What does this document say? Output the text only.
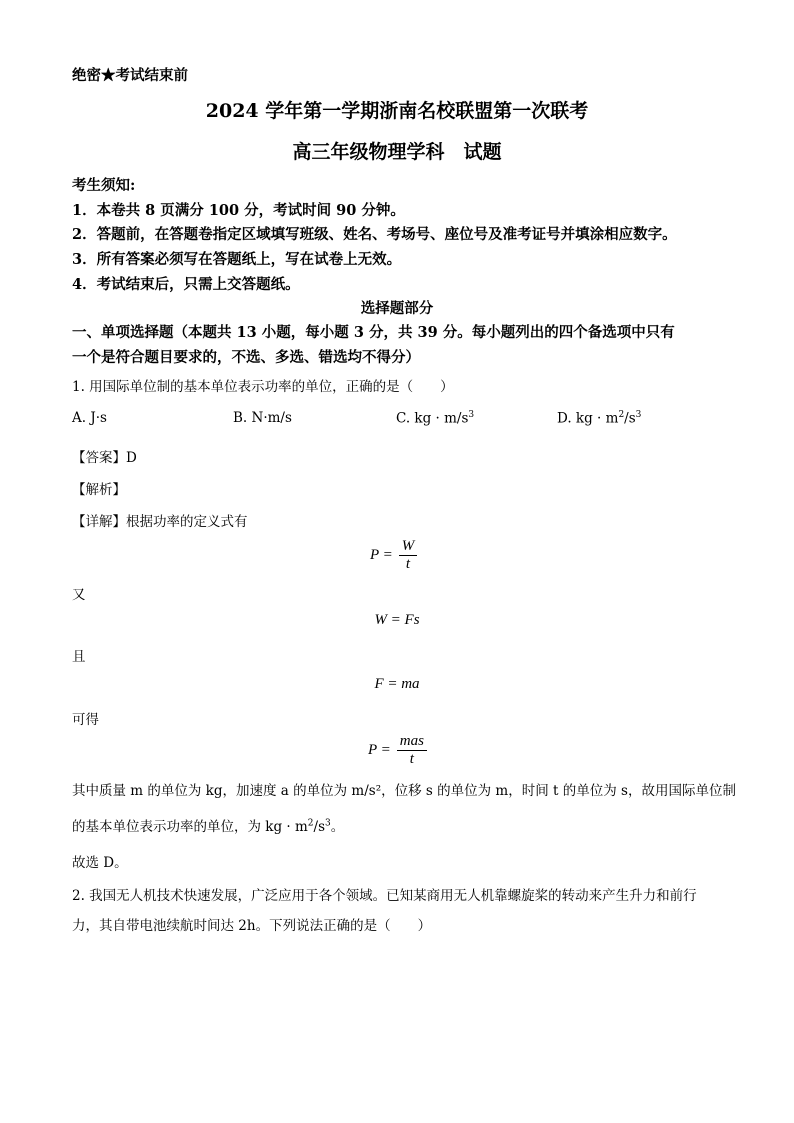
绝密★考试结束前
2024 学年第一学期浙南名校联盟第一次联考
高三年级物理学科　试题
考生须知:
1．本卷共 8 页满分 100 分，考试时间 90 分钟。
2．答题前，在答题卷指定区域填写班级、姓名、考场号、座位号及准考证号并填涂相应数字。
3．所有答案必须写在答题纸上，写在试卷上无效。
4．考试结束后，只需上交答题纸。
选择题部分
一、单项选择题（本题共 13 小题，每小题 3 分，共 39 分。每小题列出的四个备选项中只有
一个是符合题目要求的，不选、多选、错选均不得分）
1. 用国际单位制的基本单位表示功率的单位，正确的是（　　）
A. J·s	B. N·m/s	C. kg · $m/s^3$	D. kg · $m^2/s^3$
【答案】D
【解析】
【详解】根据功率的定义式有
$P = \frac{W}{t}$
又
W = Fs
且
F = ma
可得
$P = \frac{\text{mas}}{t}$
其中质量 m 的单位为 kg，加速度 a 的单位为 m/s²，位移 s 的单位为 m，时间 t 的单位为 s，故用国际单位制
的基本单位表示功率的单位，为 kg · $m^2/s^3$。
故选 D。
2. 我国无人机技术快速发展，广泛应用于各个领域。已知某商用无人机靠螺旋桨的转动来产生升力和前行
力，其自带电池续航时间达 2h。下列说法正确的是（　　）
